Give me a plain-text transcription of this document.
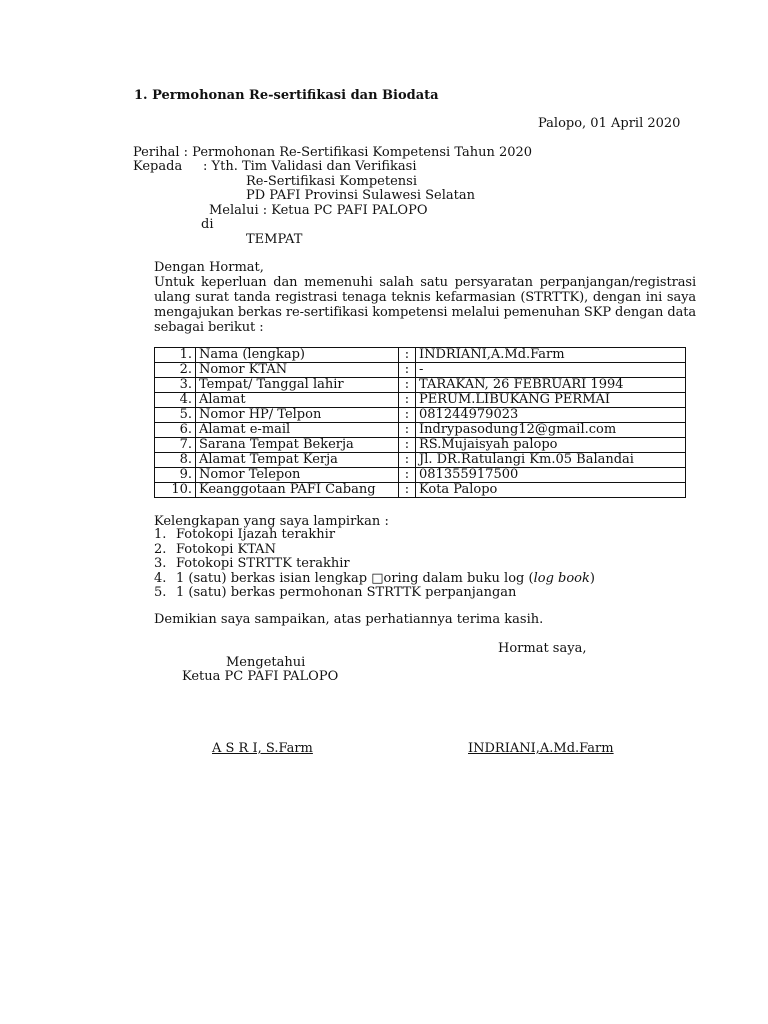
1. Permohonan Re-sertifikasi dan Biodata
Palopo, 01 April 2020
Perihal : Permohonan Re-Sertifikasi Kompetensi Tahun 2020
Kepada : Yth. Tim Validasi dan Verifikasi
Re-Sertifikasi Kompetensi
PD PAFI Provinsi Sulawesi Selatan
Melalui : Ketua PC PAFI PALOPO
di
TEMPAT
Dengan Hormat,
Untuk keperluan dan memenuhi salah satu persyaratan perpanjangan/registrasi ulang surat tanda registrasi tenaga teknis kefarmasian (STRTTK), dengan ini saya mengajukan berkas re-sertifikasi kompetensi melalui pemenuhan SKP dengan data sebagai berikut :
1.	Nama (lengkap)	:	INDRIANI,A.Md.Farm
2.	Nomor KTAN	:	-
3.	Tempat/ Tanggal lahir	:	TARAKAN, 26 FEBRUARI 1994
4.	Alamat	:	PERUM.LIBUKANG PERMAI
5.	Nomor HP/ Telpon	:	081244979023
6.	Alamat e-mail	:	Indrypasodung12@gmail.com
7.	Sarana Tempat Bekerja	:	RS.Mujaisyah palopo
8.	Alamat Tempat Kerja	:	Jl. DR.Ratulangi Km.05 Balandai
9.	Nomor Telepon	:	081355917500
10.	Keanggotaan PAFI Cabang	:	Kota Palopo
Kelengkapan yang saya lampirkan :
1. Fotokopi Ijazah terakhir
2. Fotokopi KTAN
3. Fotokopi STRTTK terakhir
4. 1 (satu) berkas isian lengkap □oring dalam buku log (log book)
5. 1 (satu) berkas permohonan STRTTK perpanjangan
Demikian saya sampaikan, atas perhatiannya terima kasih.
Hormat saya,
Mengetahui
Ketua PC PAFI PALOPO
A S R I, S.Farm	INDRIANI,A.Md.Farm
